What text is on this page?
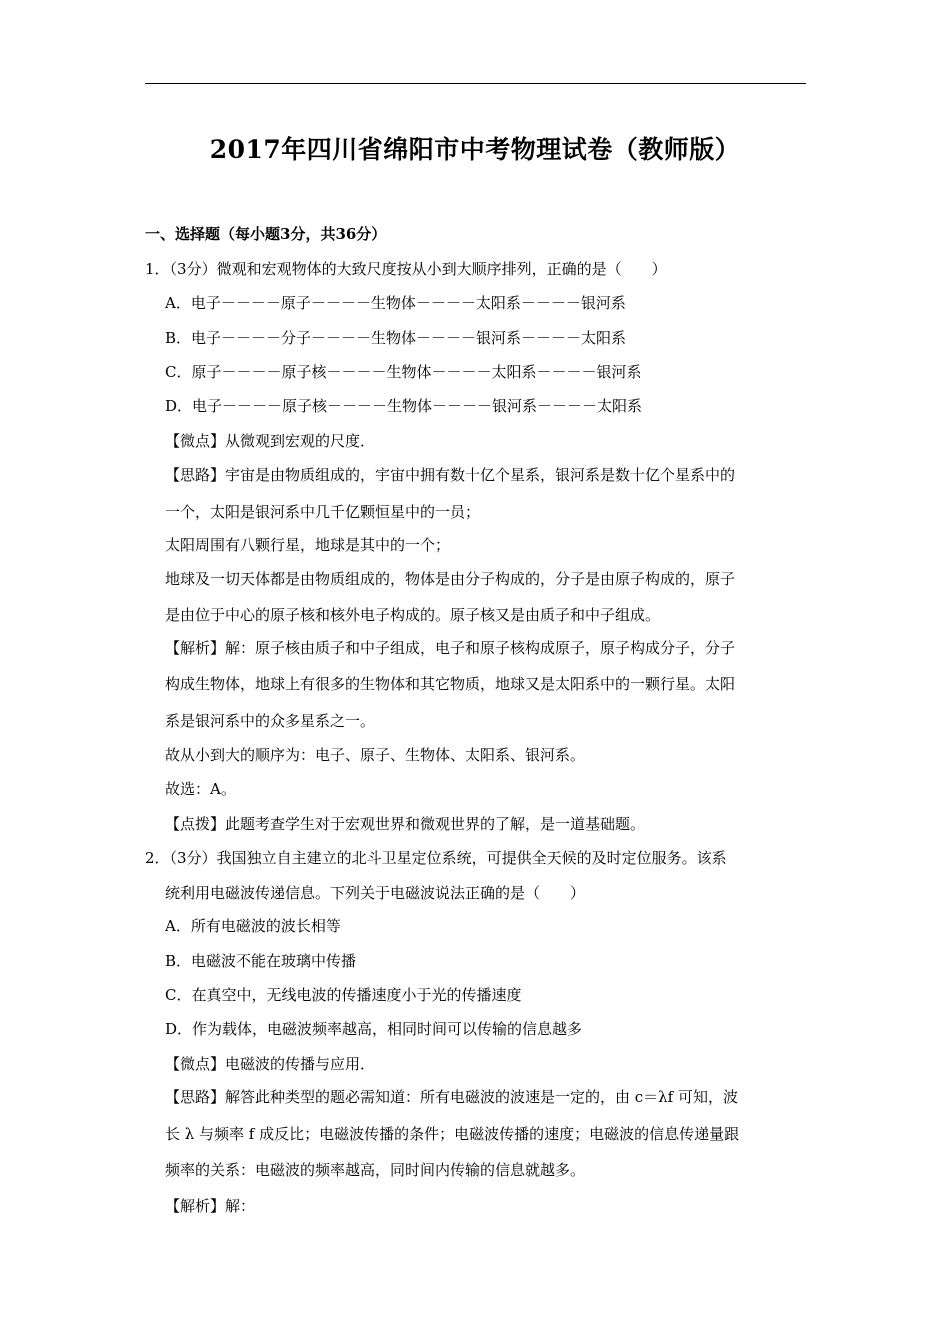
2017年四川省绵阳市中考物理试卷（教师版）
一、选择题（每小题3分，共36分）
1．（3分）微观和宏观物体的大致尺度按从小到大顺序排列，正确的是（　　）
A．电子－－－－原子－－－－生物体－－－－太阳系－－－－银河系
B．电子－－－－分子－－－－生物体－－－－银河系－－－－太阳系
C．原子－－－－原子核－－－－生物体－－－－太阳系－－－－银河系
D．电子－－－－原子核－－－－生物体－－－－银河系－－－－太阳系
【微点】从微观到宏观的尺度．
【思路】宇宙是由物质组成的，宇宙中拥有数十亿个星系，银河系是数十亿个星系中的
一个，太阳是银河系中几千亿颗恒星中的一员；
太阳周围有八颗行星，地球是其中的一个；
地球及一切天体都是由物质组成的，物体是由分子构成的，分子是由原子构成的，原子
是由位于中心的原子核和核外电子构成的。原子核又是由质子和中子组成。
【解析】解：原子核由质子和中子组成，电子和原子核构成原子，原子构成分子，分子
构成生物体，地球上有很多的生物体和其它物质，地球又是太阳系中的一颗行星。太阳
系是银河系中的众多星系之一。
故从小到大的顺序为：电子、原子、生物体、太阳系、银河系。
故选：A。
【点拨】此题考查学生对于宏观世界和微观世界的了解，是一道基础题。
2．（3分）我国独立自主建立的北斗卫星定位系统，可提供全天候的及时定位服务。该系
统利用电磁波传递信息。下列关于电磁波说法正确的是（　　）
A．所有电磁波的波长相等
B．电磁波不能在玻璃中传播
C．在真空中，无线电波的传播速度小于光的传播速度
D．作为载体，电磁波频率越高，相同时间可以传输的信息越多
【微点】电磁波的传播与应用．
【思路】解答此种类型的题必需知道：所有电磁波的波速是一定的，由 c＝λf 可知，波
长 λ 与频率 f 成反比；电磁波传播的条件；电磁波传播的速度；电磁波的信息传递量跟
频率的关系：电磁波的频率越高，同时间内传输的信息就越多。
【解析】解：
